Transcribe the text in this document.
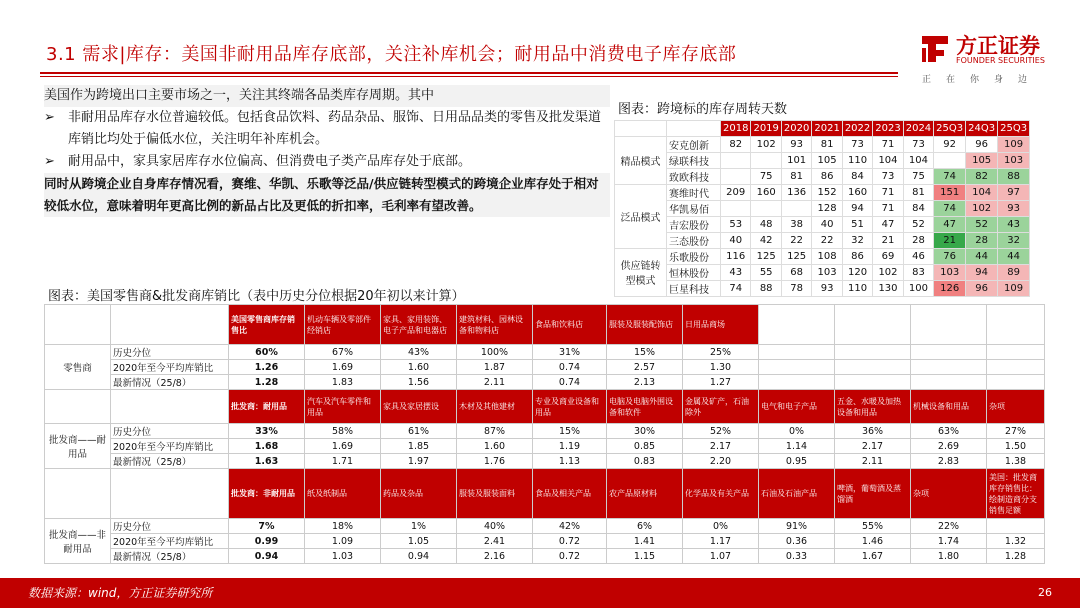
3.1 需求|库存：美国非耐用品库存底部，关注补库机会；耐用品中消费电子库存底部	方正证券
FOUNDER SECURITIES
正在你身边

美国作为跨境出口主要市场之一，关注其终端各品类库存周期。其中

➢	非耐用品库存水位普遍较低。包括食品饮料、药品杂品、服饰、日用品品类的零售及批发渠道库销比均处于偏低水位，关注明年补库机会。
➢	耐用品中，家具家居库存水位偏高、但消费电子类产品库存处于底部。

同时从跨境企业自身库存情况看，赛维、华凯、乐歌等泛品/供应链转型模式的跨境企业库存处于相对较低水位，意味着明年更高比例的新品占比及更低的折扣率，毛利率有望改善。

图表：跨境标的库存周转天数
		2018	2019	2020	2021	2022	2023	2024	25Q3	24Q3	25Q3
精品模式	安克创新	82	102	93	81	73	71	73	92	96	109
	绿联科技			101	105	110	104	104		105	103
	致欧科技		75	81	86	84	73	75	74	82	88
泛品模式	赛维时代	209	160	136	152	160	71	81	151	104	97
	华凯易佰				128	94	71	84	74	102	93
	吉宏股份	53	48	38	40	51	47	52	47	52	43
	三态股份	40	42	22	22	32	21	28	21	28	32
供应链转型模式	乐歌股份	116	125	125	108	86	69	46	76	44	44
	恒林股份	43	55	68	103	120	102	83	103	94	89
	巨星科技	74	88	78	93	110	130	100	126	96	109
图表：美国零售商&批发商库销比（表中历史分位根据20年初以来计算）
		美国零售商库存销售比	机动车辆及零部件经销店	家具、家用装饰、电子产品和电器店	建筑材料、园林设备和物料店	食品和饮料店	服装及服装配饰店	日用品商场					
零售商	历史分位	60%	67%	43%	100%	31%	15%	25%					
	2020年至今平均库销比	1.26	1.69	1.60	1.87	0.74	2.57	1.30					
	最新情况（25/8）	1.28	1.83	1.56	2.11	0.74	2.13	1.27					
		批发商：耐用品	汽车及汽车零件和用品	家具及家居摆设	木材及其他建材	专业及商业设备和用品	电脑及电脑外围设备和软件	金属及矿产，石油除外	电气和电子产品	五金、水暖及加热设备和用品	机械设备和用品	杂项	
批发商——耐用品	历史分位	33%	58%	61%	87%	15%	30%	52%	0%	36%	63%	27%	
	2020年至今平均库销比	1.68	1.69	1.85	1.60	1.19	0.85	2.17	1.14	2.17	2.69	1.50	
	最新情况（25/8）	1.63	1.71	1.97	1.76	1.13	0.83	2.20	0.95	2.11	2.83	1.38	
		批发商：非耐用品	纸及纸制品	药品及杂品	服装及服装面料	食品及相关产品	农产品原材料	化学品及有关产品	石油及石油产品	啤酒，葡萄酒及蒸馏酒	杂项	美国：批发商库存销售比：绘制造商分支销售足额	
批发商——非耐用品	历史分位	7%	18%	1%	40%	42%	6%	0%	91%	55%	22%		
	2020年至今平均库销比	0.99	1.09	1.05	2.41	0.72	1.41	1.17	0.36	1.46	1.74	1.32	
	最新情况（25/8）	0.94	1.03	0.94	2.16	0.72	1.15	1.07	0.33	1.67	1.80	1.28	
数据来源：wind，方正证券研究所	26
